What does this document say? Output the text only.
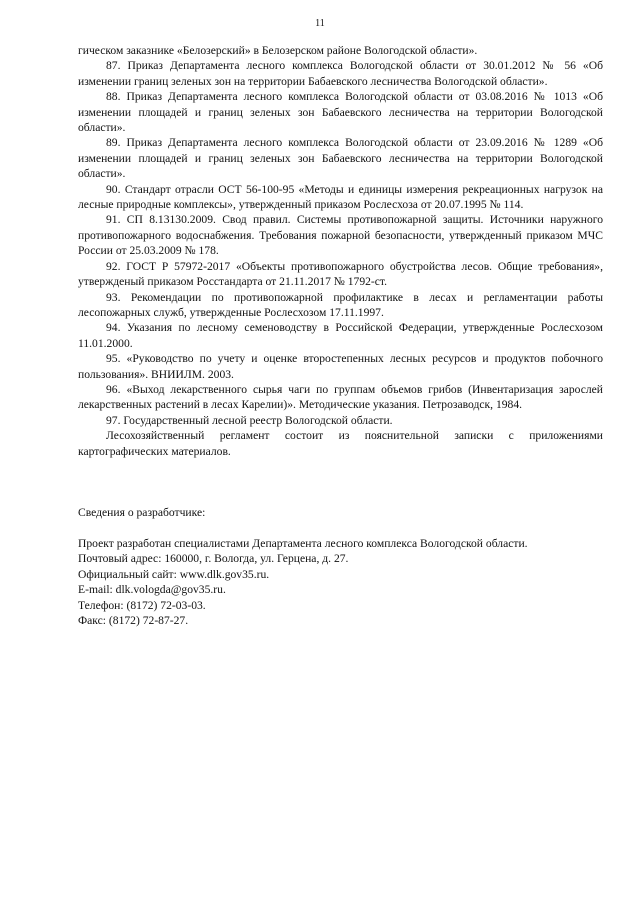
11

гическом заказнике «Белозерский» в Белозерском районе Вологодской области».

87. Приказ Департамента лесного комплекса Вологодской области от 30.01.2012 № 56 «Об изменении границ зеленых зон на территории Бабаевского лесничества Вологодской области».

88. Приказ Департамента лесного комплекса Вологодской области от 03.08.2016 № 1013 «Об изменении площадей и границ зеленых зон Бабаевского лесничества на территории Вологодской области».

89. Приказ Департамента лесного комплекса Вологодской области от 23.09.2016 № 1289 «Об изменении площадей и границ зеленых зон Бабаевского лесничества на территории Вологодской области».

90. Стандарт отрасли ОСТ 56-100-95 «Методы и единицы измерения рекреационных нагрузок на лесные природные комплексы», утвержденный приказом Рослесхоза от 20.07.1995 № 114.

91. СП 8.13130.2009. Свод правил. Системы противопожарной защиты. Источники наружного противопожарного водоснабжения. Требования пожарной безопасности, утвержденный приказом МЧС России от 25.03.2009 № 178.

92. ГОСТ Р 57972-2017 «Объекты противопожарного обустройства лесов. Общие требования», утвержденый приказом Росстандарта от 21.11.2017 № 1792-ст.

93. Рекомендации по противопожарной профилактике в лесах и регламентации работы лесопожарных служб, утвержденные Рослесхозом 17.11.1997.

94. Указания по лесному семеноводству в Российской Федерации, утвержденные Рослесхозом 11.01.2000.

95. «Руководство по учету и оценке второстепенных лесных ресурсов и продуктов побочного пользования». ВНИИЛМ. 2003.

96. «Выход лекарственного сырья чаги по группам объемов грибов (Инвентаризация зарослей лекарственных растений в лесах Карелии)». Методические указания. Петрозаводск, 1984.

97. Государственный лесной реестр Вологодской области.

Лесохозяйственный регламент состоит из пояснительной записки с приложениями картографических материалов.

Сведения о разработчике:
Проект разработан специалистами Департамента лесного комплекса Вологодской области.
Почтовый адрес: 160000, г. Вологда, ул. Герцена, д. 27.
Официальный сайт: www.dlk.gov35.ru.
E-mail: dlk.vologda@gov35.ru.
Телефон: (8172) 72-03-03.
Факс: (8172) 72-87-27.
